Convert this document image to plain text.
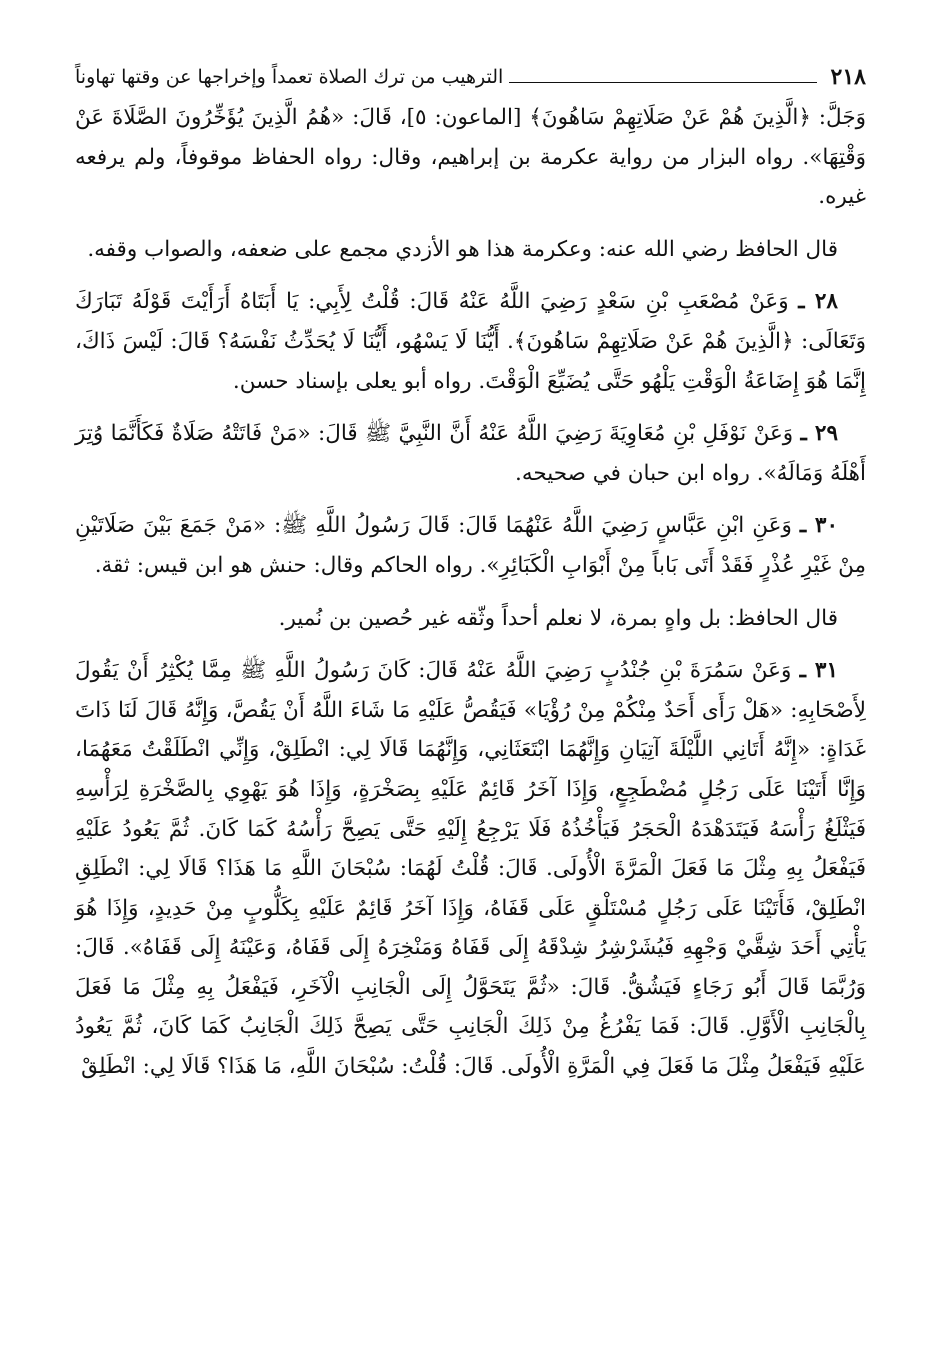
٢١٨
الترهيب من ترك الصلاة تعمداً وإخراجها عن وقتها تهاوناً

وَجَلَّ: ﴿الَّذِينَ هُمْ عَنْ صَلَاتِهِمْ سَاهُونَ﴾ [الماعون: ٥]، قَالَ: «هُمُ الَّذِينَ يُؤَخِّرُونَ الصَّلَاةَ عَنْ وَقْتِهَا». رواه البزار من رواية عكرمة بن إبراهيم، وقال: رواه الحفاظ موقوفاً، ولم يرفعه غيره.

قال الحافظ رضي الله عنه: وعكرمة هذا هو الأزدي مجمع على ضعفه، والصواب وقفه.

٢٨ ـ وَعَنْ مُصْعَبِ بْنِ سَعْدٍ رَضِيَ اللَّهُ عَنْهُ قَالَ: قُلْتُ لِأَبِي: يَا أَبَتَاهُ أَرَأَيْتَ قَوْلَهُ تَبَارَكَ وَتَعَالَى: ﴿الَّذِينَ هُمْ عَنْ صَلَاتِهِمْ سَاهُونَ﴾. أَيُّنَا لَا يَسْهُو، أَيُّنَا لَا يُحَدِّثُ نَفْسَهُ؟ قَالَ: لَيْسَ ذَاكَ، إِنَّمَا هُوَ إِضَاعَةُ الْوَقْتِ يَلْهُو حَتَّى يُضَيِّعَ الْوَقْتَ. رواه أبو يعلى بإسناد حسن.

٢٩ ـ وَعَنْ نَوْفَلِ بْنِ مُعَاوِيَةَ رَضِيَ اللَّهُ عَنْهُ أَنَّ النَّبِيَّ ﷺ قَالَ: «مَنْ فَاتَتْهُ صَلَاةٌ فَكَأَنَّمَا وُتِرَ أَهْلَهُ وَمَالَهُ». رواه ابن حبان في صحيحه.

٣٠ ـ وَعَنِ ابْنِ عَبَّاسٍ رَضِيَ اللَّهُ عَنْهُمَا قَالَ: قَالَ رَسُولُ اللَّهِ ﷺ: «مَنْ جَمَعَ بَيْنَ صَلَاتَيْنِ مِنْ غَيْرِ عُذْرٍ فَقَدْ أَتَى بَاباً مِنْ أَبْوَابِ الْكَبَائِرِ». رواه الحاكم وقال: حنش هو ابن قيس: ثقة.

قال الحافظ: بل واهٍ بمرة، لا نعلم أحداً وثّقه غير حُصين بن نُمير.

٣١ ـ وَعَنْ سَمُرَةَ بْنِ جُنْدُبٍ رَضِيَ اللَّهُ عَنْهُ قَالَ: كَانَ رَسُولُ اللَّهِ ﷺ مِمَّا يُكْثِرُ أَنْ يَقُولَ لِأَصْحَابِهِ: «هَلْ رَأَى أَحَدٌ مِنْكُمْ مِنْ رُؤْيَا» فَيَقُصُّ عَلَيْهِ مَا شَاءَ اللَّهُ أَنْ يَقُصَّ، وَإِنَّهُ قَالَ لَنَا ذَاتَ غَدَاةٍ: «إِنَّهُ أَتَانِي اللَّيْلَةَ آتِيَانِ وَإِنَّهُمَا ابْتَعَثَانِي، وَإِنَّهُمَا قَالَا لِي: انْطَلِقْ، وَإِنِّي انْطَلَقْتُ مَعَهُمَا، وَإِنَّا أَتَيْنَا عَلَى رَجُلٍ مُضْطَجِعٍ، وَإِذَا آخَرُ قَائِمٌ عَلَيْهِ بِصَخْرَةٍ، وَإِذَا هُوَ يَهْوِي بِالصَّخْرَةِ لِرَأْسِهِ فَيَثْلَغُ رَأْسَهُ فَيَتَدَهْدَهُ الْحَجَرُ فَيَأْخُذُهُ فَلَا يَرْجِعُ إِلَيْهِ حَتَّى يَصِحَّ رَأْسُهُ كَمَا كَانَ. ثُمَّ يَعُودُ عَلَيْهِ فَيَفْعَلُ بِهِ مِثْلَ مَا فَعَلَ الْمَرَّةَ الْأُولَى. قَالَ: قُلْتُ لَهُمَا: سُبْحَانَ اللَّهِ مَا هَذَا؟ قَالَا لِي: انْطَلِقِ انْطَلِقْ، فَأَتَيْنَا عَلَى رَجُلٍ مُسْتَلْقٍ عَلَى قَفَاهُ، وَإِذَا آخَرُ قَائِمٌ عَلَيْهِ بِكَلُّوبٍ مِنْ حَدِيدٍ، وَإِذَا هُوَ يَأْتِي أَحَدَ شِقَّيْ وَجْهِهِ فَيُشَرْشِرُ شِدْقَهُ إِلَى قَفَاهُ وَمَنْخِرَهُ إِلَى قَفَاهُ، وَعَيْنَهُ إِلَى قَفَاهُ». قَالَ: وَرُبَّمَا قَالَ أَبُو رَجَاءٍ فَيَشُقُّ. قَالَ: «ثُمَّ يَتَحَوَّلُ إِلَى الْجَانِبِ الْآخَرِ، فَيَفْعَلُ بِهِ مِثْلَ مَا فَعَلَ بِالْجَانِبِ الْأَوَّلِ. قَالَ: فَمَا يَفْرُغُ مِنْ ذَلِكَ الْجَانِبِ حَتَّى يَصِحَّ ذَلِكَ الْجَانِبُ كَمَا كَانَ، ثُمَّ يَعُودُ عَلَيْهِ فَيَفْعَلُ مِثْلَ مَا فَعَلَ فِي الْمَرَّةِ الْأُولَى. قَالَ: قُلْتُ: سُبْحَانَ اللَّهِ، مَا هَذَا؟ قَالَا لِي: انْطَلِقْ
